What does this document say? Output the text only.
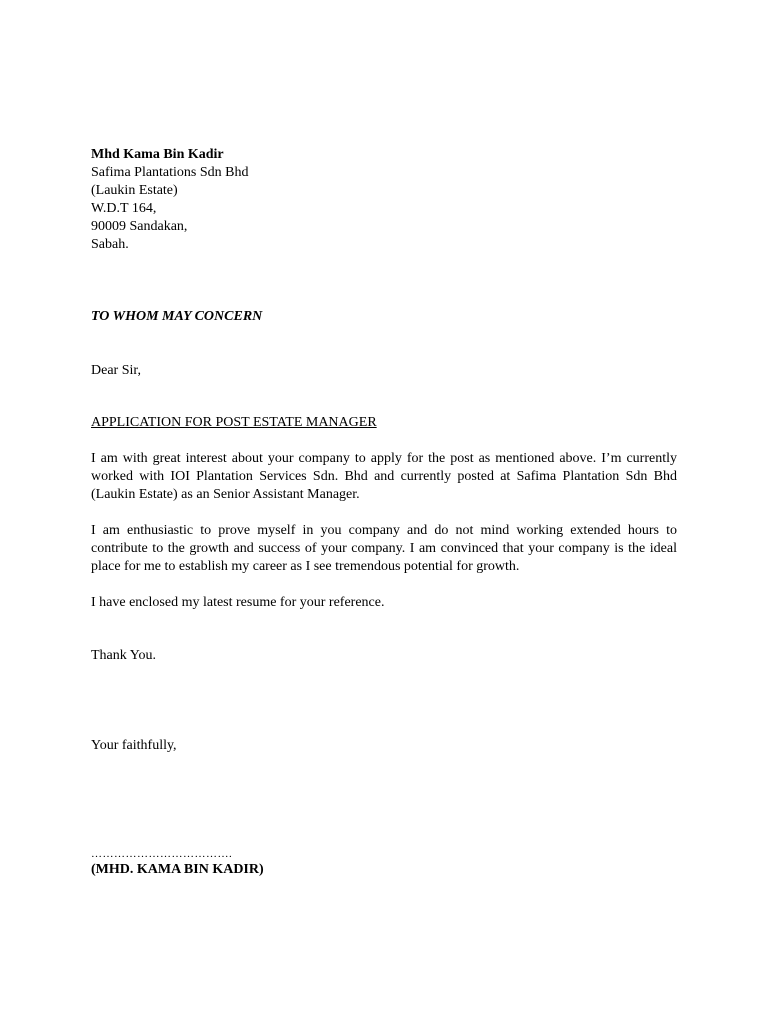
Mhd Kama Bin Kadir
Safima Plantations Sdn Bhd
(Laukin Estate)
W.D.T 164,
90009 Sandakan,
Sabah.
TO WHOM MAY CONCERN
Dear Sir,
APPLICATION FOR POST ESTATE MANAGER

I am with great interest about your company to apply for the post as mentioned above. I’m currently worked with IOI Plantation Services Sdn. Bhd and currently posted at Safima Plantation Sdn Bhd (Laukin Estate) as an Senior Assistant Manager.

I am enthusiastic to prove myself in you company and do not mind working extended hours to contribute to the growth and success of your company. I am convinced that your company is the ideal place for me to establish my career as I see tremendous potential for growth.

I have enclosed my latest resume for your reference.

Thank You.
Your faithfully,
……………………………….
(MHD. KAMA BIN KADIR)
